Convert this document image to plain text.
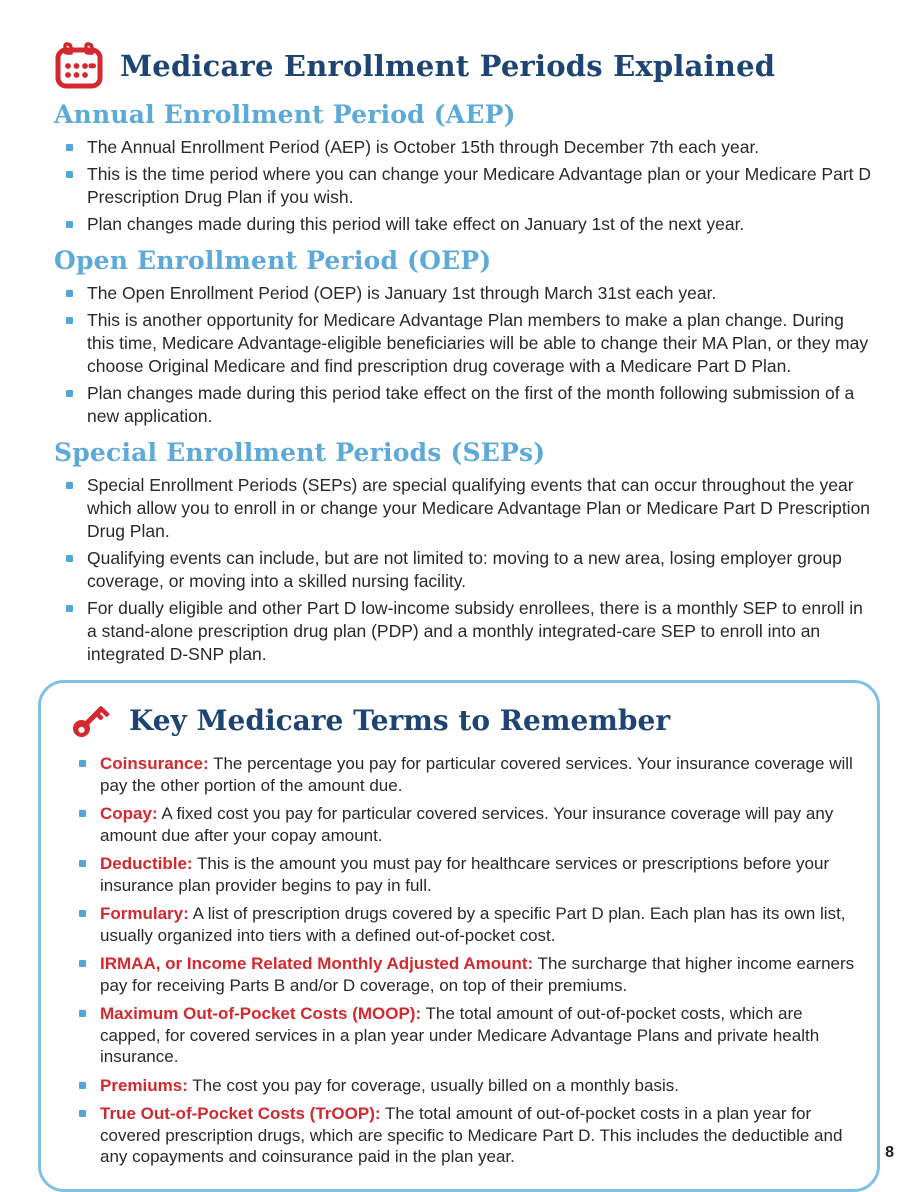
Medicare Enrollment Periods Explained
Annual Enrollment Period (AEP)
The Annual Enrollment Period (AEP) is October 15th through December 7th each year.
This is the time period where you can change your Medicare Advantage plan or your Medicare Part D Prescription Drug Plan if you wish.
Plan changes made during this period will take effect on January 1st of the next year.
Open Enrollment Period (OEP)
The Open Enrollment Period (OEP) is January 1st through March 31st each year.
This is another opportunity for Medicare Advantage Plan members to make a plan change. During this time, Medicare Advantage-eligible beneficiaries will be able to change their MA Plan, or they may choose Original Medicare and find prescription drug coverage with a Medicare Part D Plan.
Plan changes made during this period take effect on the first of the month following submission of a new application.
Special Enrollment Periods (SEPs)
Special Enrollment Periods (SEPs) are special qualifying events that can occur throughout the year which allow you to enroll in or change your Medicare Advantage Plan or Medicare Part D Prescription Drug Plan.
Qualifying events can include, but are not limited to: moving to a new area, losing employer group coverage, or moving into a skilled nursing facility.
For dually eligible and other Part D low-income subsidy enrollees, there is a monthly SEP to enroll in a stand-alone prescription drug plan (PDP) and a monthly integrated-care SEP to enroll into an integrated D-SNP plan.
Key Medicare Terms to Remember
Coinsurance: The percentage you pay for particular covered services. Your insurance coverage will pay the other portion of the amount due.
Copay: A fixed cost you pay for particular covered services. Your insurance coverage will pay any amount due after your copay amount.
Deductible: This is the amount you must pay for healthcare services or prescriptions before your insurance plan provider begins to pay in full.
Formulary: A list of prescription drugs covered by a specific Part D plan. Each plan has its own list, usually organized into tiers with a defined out-of-pocket cost.
IRMAA, or Income Related Monthly Adjusted Amount: The surcharge that higher income earners pay for receiving Parts B and/or D coverage, on top of their premiums.
Maximum Out-of-Pocket Costs (MOOP): The total amount of out-of-pocket costs, which are capped, for covered services in a plan year under Medicare Advantage Plans and private health insurance.
Premiums: The cost you pay for coverage, usually billed on a monthly basis.
True Out-of-Pocket Costs (TrOOP): The total amount of out-of-pocket costs in a plan year for covered prescription drugs, which are specific to Medicare Part D. This includes the deductible and any copayments and coinsurance paid in the plan year.	8
